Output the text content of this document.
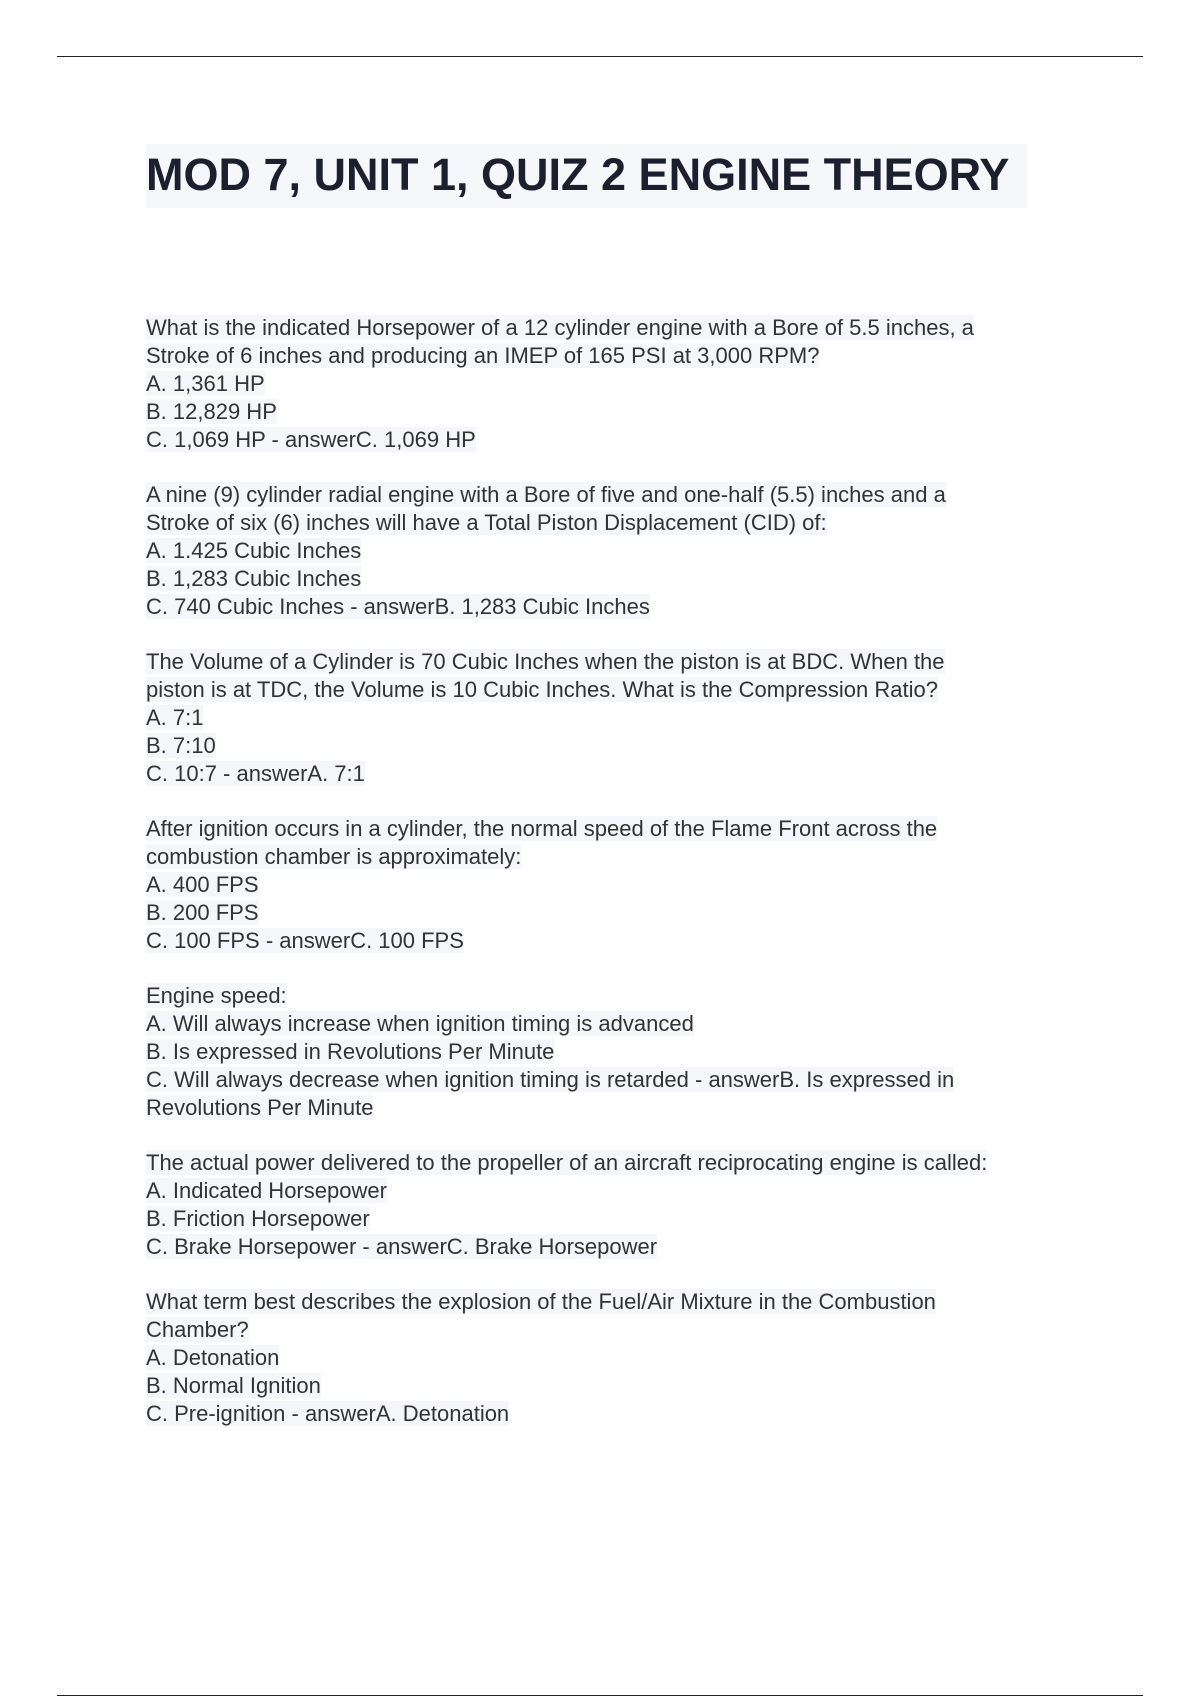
MOD 7, UNIT 1, QUIZ 2 ENGINE THEORY
What is the indicated Horsepower of a 12 cylinder engine with a Bore of 5.5 inches, a
Stroke of 6 inches and producing an IMEP of 165 PSI at 3,000 RPM?
A. 1,361 HP
B. 12,829 HP
C. 1,069 HP - answerC. 1,069 HP
A nine (9) cylinder radial engine with a Bore of five and one-half (5.5) inches and a
Stroke of six (6) inches will have a Total Piston Displacement (CID) of:
A. 1.425 Cubic Inches
B. 1,283 Cubic Inches
C. 740 Cubic Inches - answerB. 1,283 Cubic Inches
The Volume of a Cylinder is 70 Cubic Inches when the piston is at BDC. When the
piston is at TDC, the Volume is 10 Cubic Inches. What is the Compression Ratio?
A. 7:1
B. 7:10
C. 10:7 - answerA. 7:1
After ignition occurs in a cylinder, the normal speed of the Flame Front across the
combustion chamber is approximately:
A. 400 FPS
B. 200 FPS
C. 100 FPS - answerC. 100 FPS
Engine speed:
A. Will always increase when ignition timing is advanced
B. Is expressed in Revolutions Per Minute
C. Will always decrease when ignition timing is retarded - answerB. Is expressed in
Revolutions Per Minute
The actual power delivered to the propeller of an aircraft reciprocating engine is called:
A. Indicated Horsepower
B. Friction Horsepower
C. Brake Horsepower - answerC. Brake Horsepower
What term best describes the explosion of the Fuel/Air Mixture in the Combustion
Chamber?
A. Detonation
B. Normal Ignition
C. Pre-ignition - answerA. Detonation
